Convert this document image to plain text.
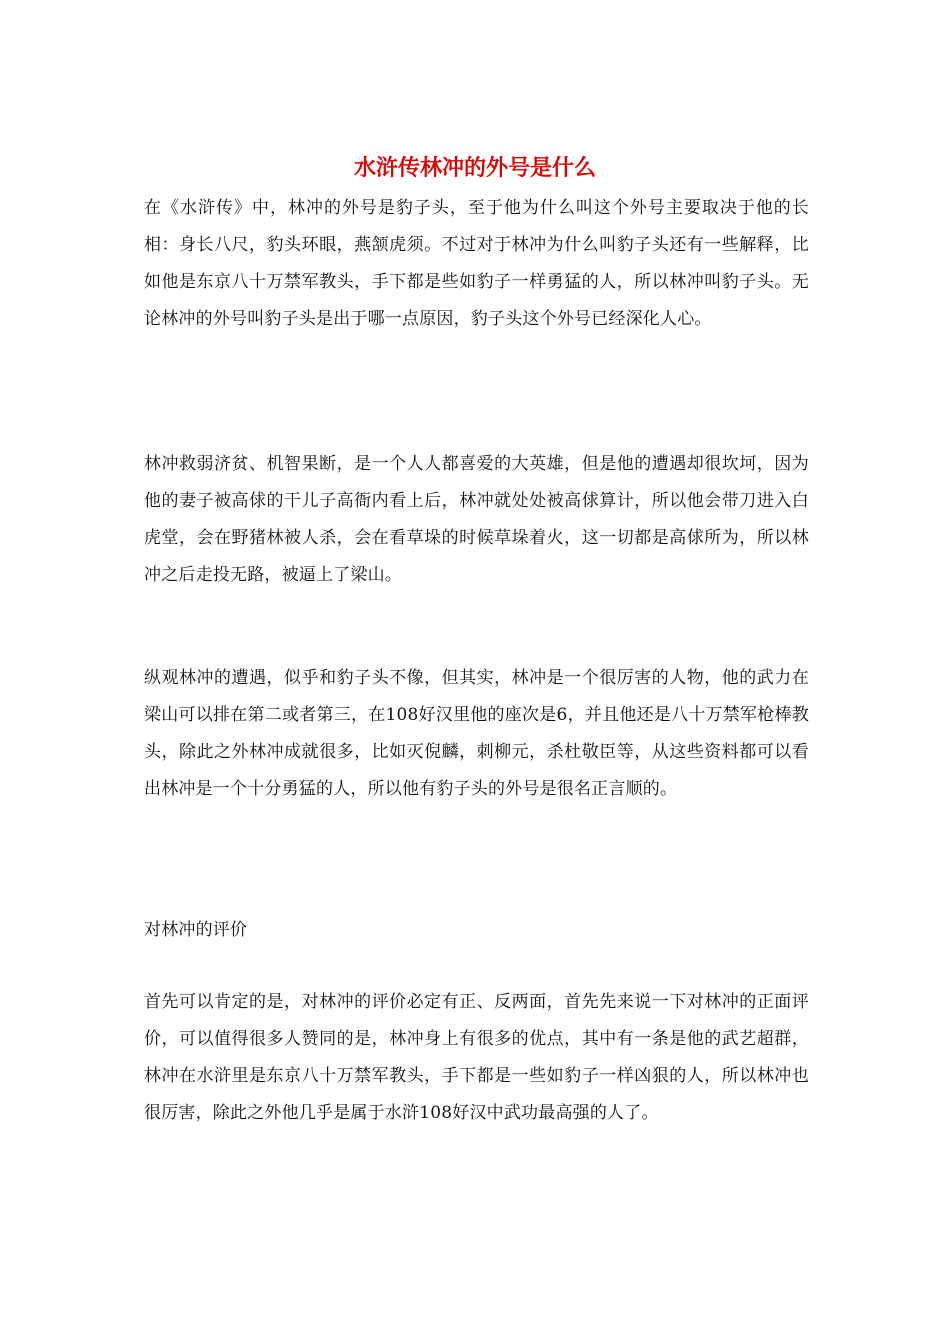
水浒传林冲的外号是什么

在《水浒传》中，林冲的外号是豹子头，至于他为什么叫这个外号主要取决于他的长相：身长八尺，豹头环眼，燕颔虎须。不过对于林冲为什么叫豹子头还有一些解释，比如他是东京八十万禁军教头，手下都是些如豹子一样勇猛的人，所以林冲叫豹子头。无论林冲的外号叫豹子头是出于哪一点原因，豹子头这个外号已经深化人心。

林冲救弱济贫、机智果断，是一个人人都喜爱的大英雄，但是他的遭遇却很坎坷，因为他的妻子被高俅的干儿子高衙内看上后，林冲就处处被高俅算计，所以他会带刀进入白虎堂，会在野猪林被人杀，会在看草垛的时候草垛着火，这一切都是高俅所为，所以林冲之后走投无路，被逼上了梁山。

纵观林冲的遭遇，似乎和豹子头不像，但其实，林冲是一个很厉害的人物，他的武力在梁山可以排在第二或者第三，在108好汉里他的座次是6，并且他还是八十万禁军枪棒教头，除此之外林冲成就很多，比如灭倪麟，刺柳元，杀杜敬臣等，从这些资料都可以看出林冲是一个十分勇猛的人，所以他有豹子头的外号是很名正言顺的。

对林冲的评价

首先可以肯定的是，对林冲的评价必定有正、反两面，首先先来说一下对林冲的正面评价，可以值得很多人赞同的是，林冲身上有很多的优点，其中有一条是他的武艺超群，林冲在水浒里是东京八十万禁军教头，手下都是一些如豹子一样凶狠的人，所以林冲也很厉害，除此之外他几乎是属于水浒108好汉中武功最高强的人了。
